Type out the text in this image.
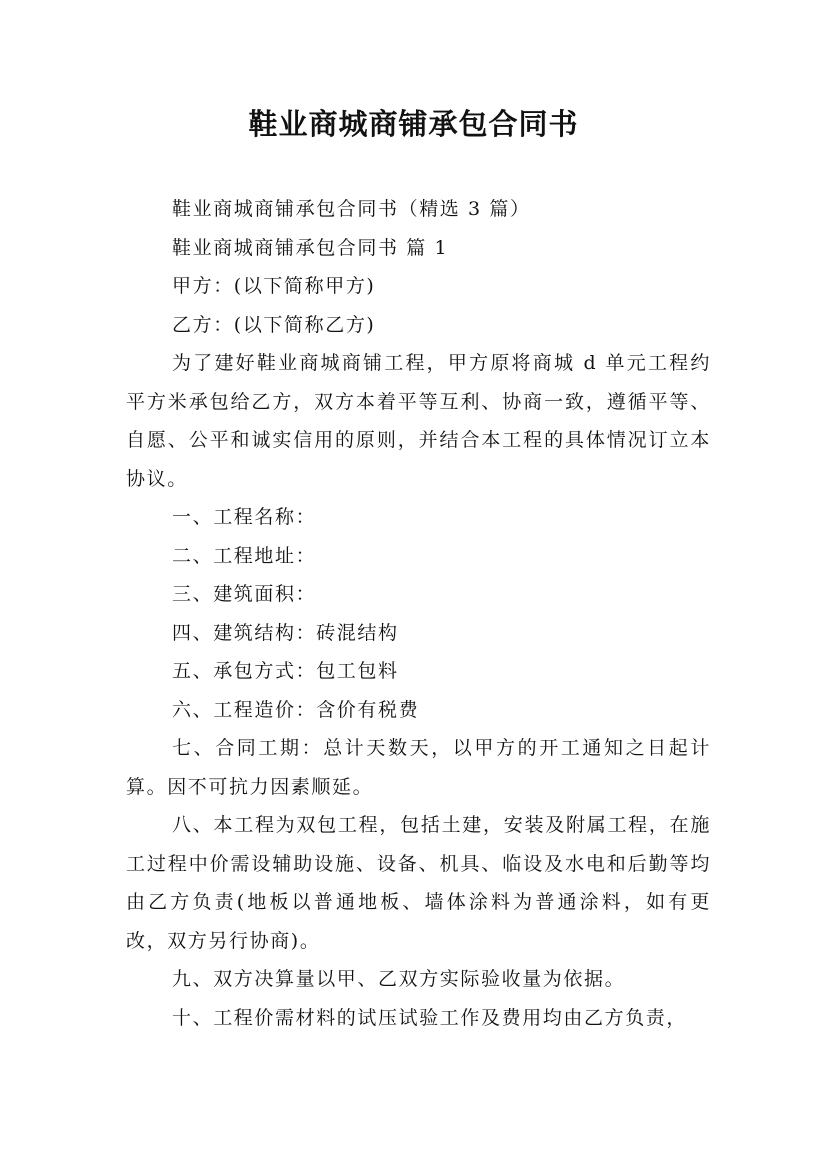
鞋业商城商铺承包合同书

鞋业商城商铺承包合同书（精选 3 篇）

鞋业商城商铺承包合同书 篇 1

甲方：(以下简称甲方)

乙方：(以下简称乙方)

为了建好鞋业商城商铺工程，甲方原将商城 d 单元工程约平方米承包给乙方，双方本着平等互利、协商一致，遵循平等、自愿、公平和诚实信用的原则，并结合本工程的具体情况订立本协议。

一、工程名称：

二、工程地址：

三、建筑面积：

四、建筑结构：砖混结构

五、承包方式：包工包料

六、工程造价：含价有税费

七、合同工期：总计天数天，以甲方的开工通知之日起计算。因不可抗力因素顺延。

八、本工程为双包工程，包括土建，安装及附属工程，在施工过程中价需设辅助设施、设备、机具、临设及水电和后勤等均由乙方负责(地板以普通地板、墙体涂料为普通涂料，如有更改，双方另行协商)。

九、双方决算量以甲、乙双方实际验收量为依据。

十、工程价需材料的试压试验工作及费用均由乙方负责，
